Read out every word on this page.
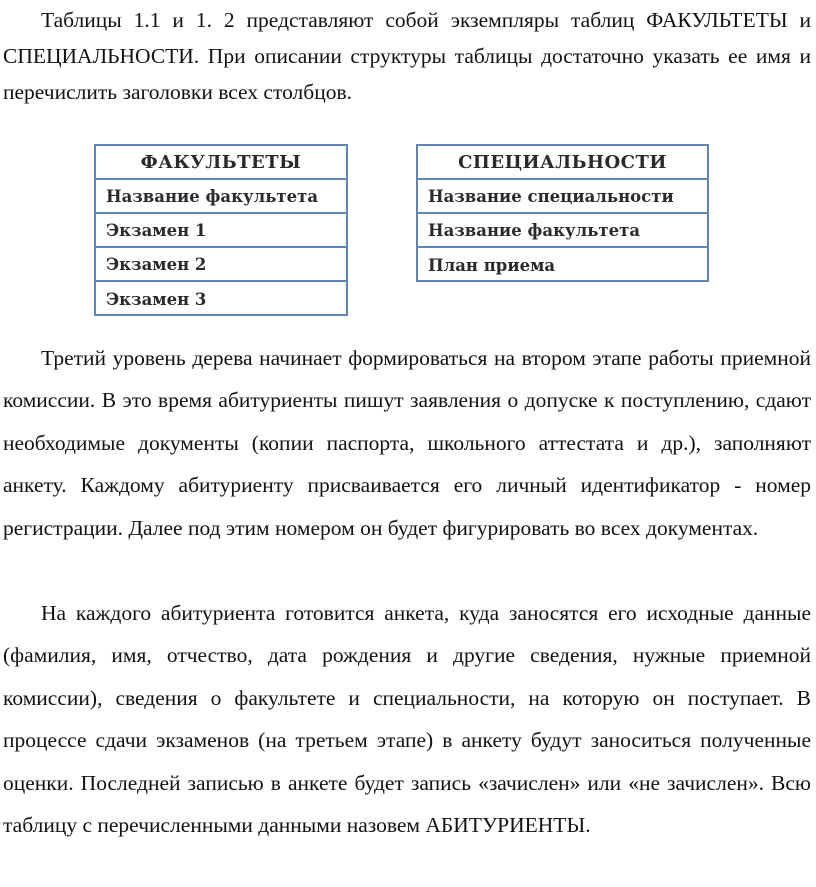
Таблицы 1.1 и 1. 2 представляют собой экземпляры таблиц ФАКУЛЬТЕТЫ и СПЕЦИАЛЬНОСТИ. При описании структуры таблицы достаточно указать ее имя и перечислить заголовки всех столбцов.

ФАКУЛЬТЕТЫ
Название факультета
Экзамен 1
Экзамен 2
Экзамен 3
СПЕЦИАЛЬНОСТИ
Название специальности
Название факультета
План приема

Третий уровень дерева начинает формироваться на втором этапе работы приемной комиссии. В это время абитуриенты пишут заявления о допуске к поступлению, сдают необходимые документы (копии паспорта, школьного аттестата и др.), заполняют анкету. Каждому абитуриенту присваивается его личный идентификатор - номер регистрации. Далее под этим номером он будет фигурировать во всех документах.

На каждого абитуриента готовится анкета, куда заносятся его исходные данные (фамилия, имя, отчество, дата рождения и другие сведения, нужные приемной комиссии), сведения о факультете и специальности, на которую он поступает. В процессе сдачи экзаменов (на третьем этапе) в анкету будут заноситься полученные оценки. Последней записью в анкете будет запись «зачислен» или «не зачислен». Всю таблицу с перечисленными данными назовем АБИТУРИЕНТЫ.
